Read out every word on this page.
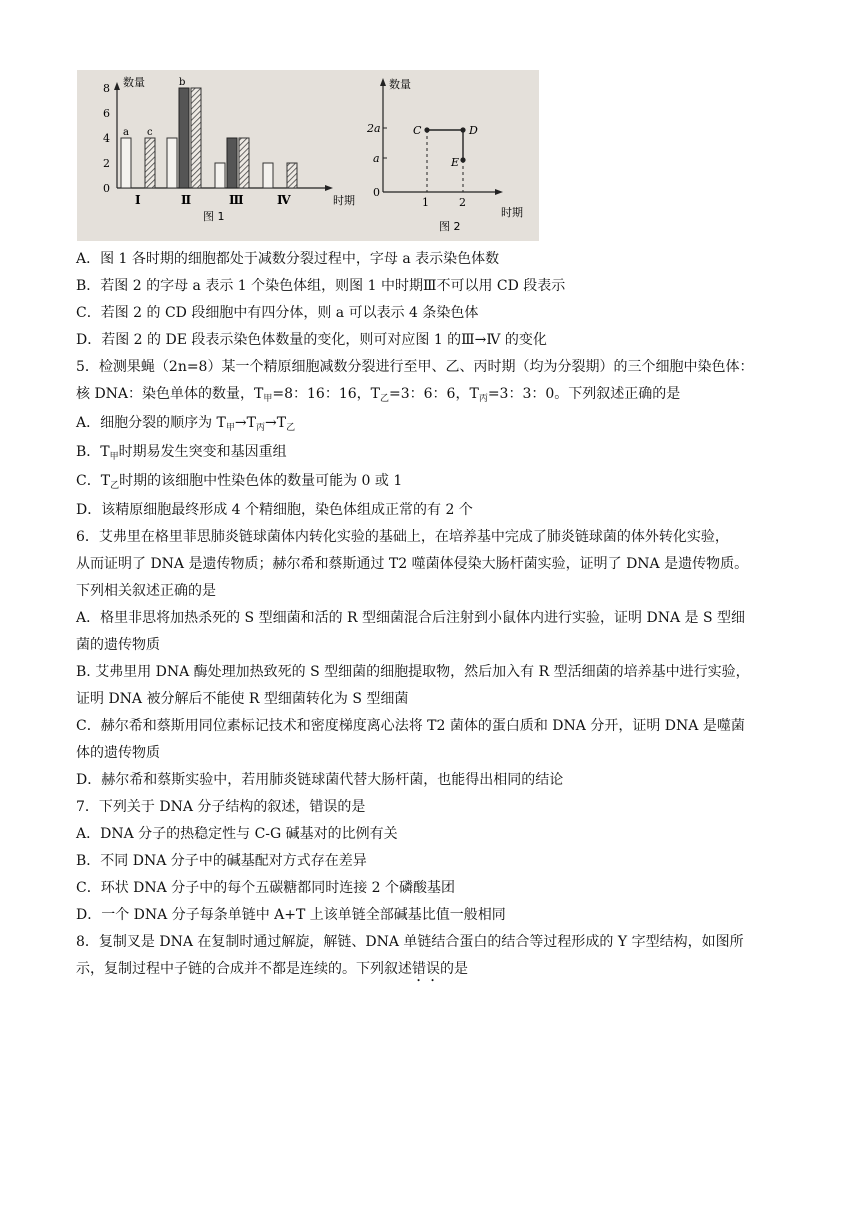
数量
时期
图 1
8
6
4
2
0
a c
b
Ⅰ	Ⅱ	Ⅲ	Ⅳ
数量
时期
图 2
2a
a
0
1	2
C	D
E
A．图 1 各时期的细胞都处于减数分裂过程中，字母 a 表示染色体数
B．若图 2 的字母 a 表示 1 个染色体组，则图 1 中时期Ⅲ不可以用 CD 段表示
C．若图 2 的 CD 段细胞中有四分体，则 a 可以表示 4 条染色体
D．若图 2 的 DE 段表示染色体数量的变化，则可对应图 1 的Ⅲ→Ⅳ 的变化
5．检测果蝇（2n=8）某一个精原细胞减数分裂进行至甲、乙、丙时期（均为分裂期）的三个细胞中染色体：
核 DNA：染色单体的数量，$T_甲=8$：16：16，$T_乙=3$：6：6，$T_丙=3$：3：0。下列叙述正确的是
A．细胞分裂的顺序为 $T_甲\to T_丙\to T_乙$
B．$T_甲$时期易发生突变和基因重组
C．$T_乙$时期的该细胞中性染色体的数量可能为 0 或 1
D．该精原细胞最终形成 4 个精细胞，染色体组成正常的有 2 个
6．艾弗里在格里菲思肺炎链球菌体内转化实验的基础上，在培养基中完成了肺炎链球菌的体外转化实验，
从而证明了 DNA 是遗传物质；赫尔希和蔡斯通过 T2 噬菌体侵染大肠杆菌实验，证明了 DNA 是遗传物质。
下列相关叙述正确的是
A．格里非思将加热杀死的 S 型细菌和活的 R 型细菌混合后注射到小鼠体内进行实验，证明 DNA 是 S 型细
菌的遗传物质
B. 艾弗里用 DNA 酶处理加热致死的 S 型细菌的细胞提取物，然后加入有 R 型活细菌的培养基中进行实验，
证明 DNA 被分解后不能使 R 型细菌转化为 S 型细菌
C．赫尔希和蔡斯用同位素标记技术和密度梯度离心法将 T2 菌体的蛋白质和 DNA 分开，证明 DNA 是噬菌
体的遗传物质
D．赫尔希和蔡斯实验中，若用肺炎链球菌代替大肠杆菌，也能得出相同的结论
7．下列关于 DNA 分子结构的叙述，错误的是
A．DNA 分子的热稳定性与 C-G 碱基对的比例有关
B．不同 DNA 分子中的碱基配对方式存在差异
C．环状 DNA 分子中的每个五碳糖都同时连接 2 个磷酸基团
D．一个 DNA 分子每条单链中 A+T 上该单链全部碱基比值一般相同
8．复制叉是 DNA 在复制时通过解旋，解链、DNA 单链结合蛋白的结合等过程形成的 Y 字型结构，如图所
示，复制过程中子链的合成并不都是连续的。下列叙述错误的是
